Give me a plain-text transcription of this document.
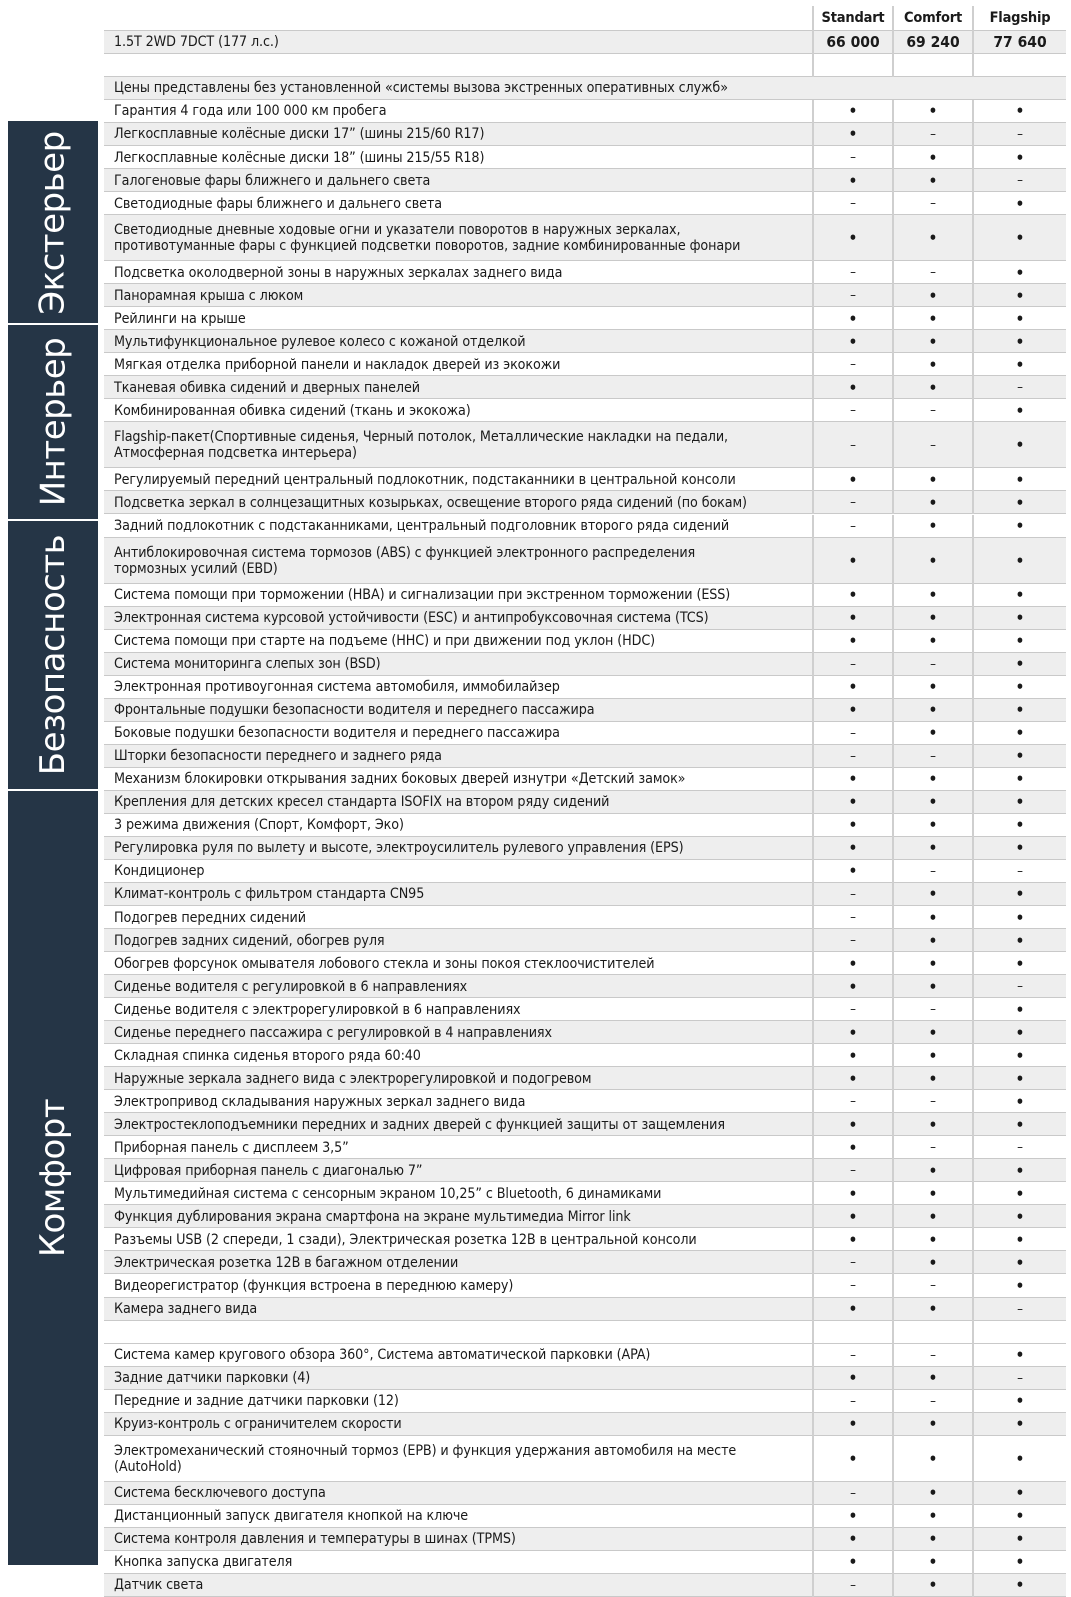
Экстерьер
Интерьер
Безопасность
Комфорт
Standart	Comfort	Flagship
1.5T 2WD 7DCT (177 л.с.)	66 000	69 240	77 640
Цены представлены без установленной «системы вызова экстренных оперативных служб»
Гарантия 4 года или 100 000 км пробега	•	•	•
Легкосплавные колёсные диски 17” (шины 215/60 R17)	•	–	–
Легкосплавные колёсные диски 18” (шины 215/55 R18)	–	•	•
Галогеновые фары ближнего и дальнего света	•	•	–
Светодиодные фары ближнего и дальнего света	–	–	•
Светодиодные дневные ходовые огни и указатели поворотов в наружных зеркалах,
противотуманные фары с функцией подсветки поворотов, задние комбинированные фонари	•	•	•
Подсветка околодверной зоны в наружных зеркалах заднего вида	–	–	•
Панорамная крыша с люком	–	•	•
Рейлинги на крыше	•	•	•
Мультифункциональное рулевое колесо с кожаной отделкой	•	•	•
Мягкая отделка приборной панели и накладок дверей из экокожи	–	•	•
Тканевая обивка сидений и дверных панелей	•	•	–
Комбинированная обивка сидений (ткань и экокожа)	–	–	•
Flagship-пакет(Спортивные сиденья, Черный потолок, Металлические накладки на педали,
Атмосферная подсветка интерьера)	–	–	•
Регулируемый передний центральный подлокотник, подстаканники в центральной консоли	•	•	•
Подсветка зеркал в солнцезащитных козырьках, освещение второго ряда сидений (по бокам)	–	•	•
Задний подлокотник с подстаканниками, центральный подголовник второго ряда сидений	–	•	•
Антиблокировочная система тормозов (ABS) с функцией электронного распределения
тормозных усилий (EBD)	•	•	•
Система помощи при торможении (HBA) и сигнализации при экстренном торможении (ESS)	•	•	•
Электронная система курсовой устойчивости (ESC) и антипробуксовочная система (TCS)	•	•	•
Система помощи при старте на подъеме (HHC) и при движении под уклон (HDC)	•	•	•
Система мониторинга слепых зон (BSD)	–	–	•
Электронная противоугонная система автомобиля, иммобилайзер	•	•	•
Фронтальные подушки безопасности водителя и переднего пассажира	•	•	•
Боковые подушки безопасности водителя и переднего пассажира	–	•	•
Шторки безопасности переднего и заднего ряда	–	–	•
Механизм блокировки открывания задних боковых дверей изнутри «Детский замок»	•	•	•
Крепления для детских кресел стандарта ISOFIX на втором ряду сидений	•	•	•
3 режима движения (Спорт, Комфорт, Эко)	•	•	•
Регулировка руля по вылету и высоте, электроусилитель рулевого управления (EPS)	•	•	•
Кондиционер	•	–	–
Климат-контроль с фильтром стандарта CN95	–	•	•
Подогрев передних сидений	–	•	•
Подогрев задних сидений, обогрев руля	–	•	•
Обогрев форсунок омывателя лобового стекла и зоны покоя стеклоочистителей	•	•	•
Сиденье водителя с регулировкой в 6 направлениях	•	•	–
Сиденье водителя с электрорегулировкой в 6 направлениях	–	–	•
Сиденье переднего пассажира с регулировкой в 4 направлениях	•	•	•
Складная спинка сиденья второго ряда 60:40	•	•	•
Наружные зеркала заднего вида с электрорегулировкой и подогревом	•	•	•
Электропривод складывания наружных зеркал заднего вида	–	–	•
Электростеклоподъемники передних и задних дверей с функцией защиты от защемления	•	•	•
Приборная панель с дисплеем 3,5”	•	–	–
Цифровая приборная панель с диагональю 7”	–	•	•
Мультимедийная система с сенсорным экраном 10,25” с Bluetooth, 6 динамиками	•	•	•
Функция дублирования экрана смартфона на экране мультимедиа Mirror link	•	•	•
Разъемы USB (2 спереди, 1 сзади), Электрическая розетка 12В в центральной консоли	•	•	•
Электрическая розетка 12В в багажном отделении	–	•	•
Видеорегистратор (функция встроена в переднюю камеру)	–	–	•
Камера заднего вида	•	•	–
Система камер кругового обзора 360°, Система автоматической парковки (APA)	–	–	•
Задние датчики парковки (4)	•	•	–
Передние и задние датчики парковки (12)	–	–	•
Круиз-контроль с ограничителем скорости	•	•	•
Электромеханический стояночный тормоз (EPB) и функция удержания автомобиля на месте
(AutoHold)	•	•	•
Система бесключевого доступа	–	•	•
Дистанционный запуск двигателя кнопкой на ключе	•	•	•
Система контроля давления и температуры в шинах (TPMS)	•	•	•
Кнопка запуска двигателя	•	•	•
Датчик света	–	•	•
